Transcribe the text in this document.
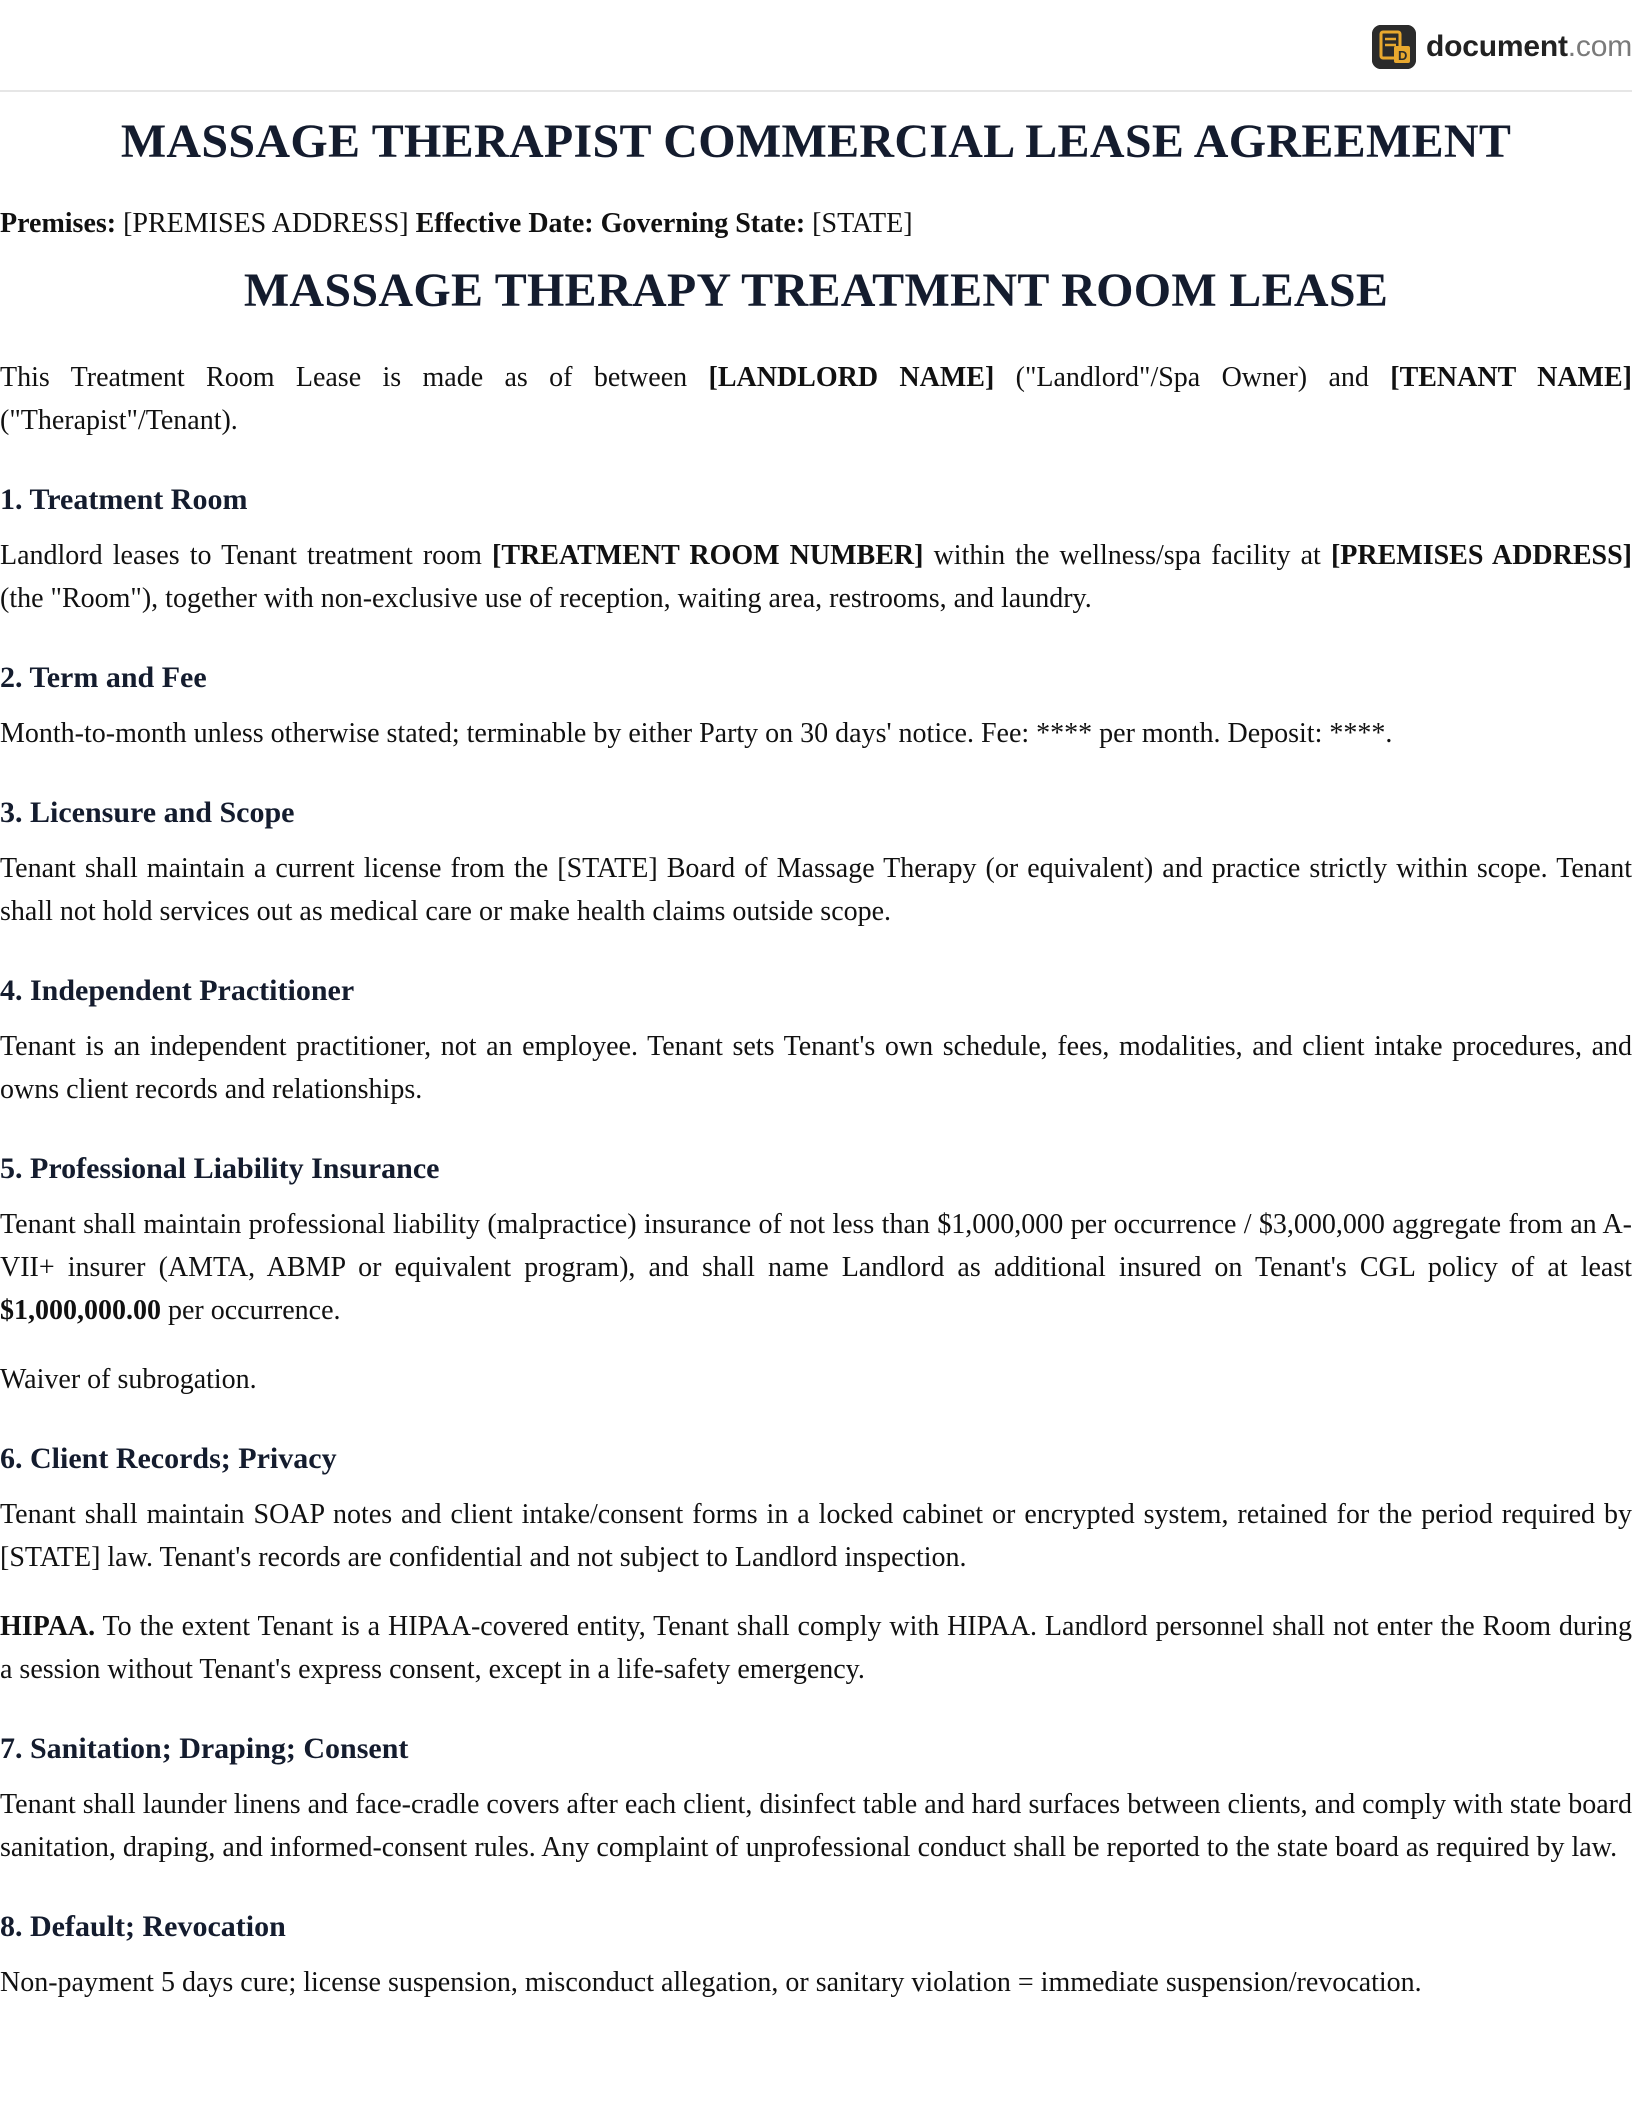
D document.com
MASSAGE THERAPIST COMMERCIAL LEASE AGREEMENT
Premises: [PREMISES ADDRESS] Effective Date: Governing State: [STATE]
MASSAGE THERAPY TREATMENT ROOM LEASE

This Treatment Room Lease is made as of between [LANDLORD NAME] ("Landlord"/Spa Owner) and [TENANT NAME] ("Therapist"/Tenant).

1. Treatment Room

Landlord leases to Tenant treatment room [TREATMENT ROOM NUMBER] within the wellness/spa facility at [PREMISES ADDRESS] (the "Room"), together with non-exclusive use of reception, waiting area, restrooms, and laundry.

2. Term and Fee

Month-to-month unless otherwise stated; terminable by either Party on 30 days' notice. Fee: **** per month. Deposit: ****.

3. Licensure and Scope

Tenant shall maintain a current license from the [STATE] Board of Massage Therapy (or equivalent) and practice strictly within scope. Tenant shall not hold services out as medical care or make health claims outside scope.

4. Independent Practitioner

Tenant is an independent practitioner, not an employee. Tenant sets Tenant's own schedule, fees, modalities, and client intake procedures, and owns client records and relationships.

5. Professional Liability Insurance

Tenant shall maintain professional liability (malpractice) insurance of not less than $1,000,000 per occurrence / $3,000,000 aggregate from an A-VII+ insurer (AMTA, ABMP or equivalent program), and shall name Landlord as additional insured on Tenant's CGL policy of at least $1,000,000.00 per occurrence.

Waiver of subrogation.

6. Client Records; Privacy

Tenant shall maintain SOAP notes and client intake/consent forms in a locked cabinet or encrypted system, retained for the period required by [STATE] law. Tenant's records are confidential and not subject to Landlord inspection.

HIPAA. To the extent Tenant is a HIPAA-covered entity, Tenant shall comply with HIPAA. Landlord personnel shall not enter the Room during a session without Tenant's express consent, except in a life-safety emergency.

7. Sanitation; Draping; Consent

Tenant shall launder linens and face-cradle covers after each client, disinfect table and hard surfaces between clients, and comply with state board sanitation, draping, and informed-consent rules. Any complaint of unprofessional conduct shall be reported to the state board as required by law.

8. Default; Revocation

Non-payment 5 days cure; license suspension, misconduct allegation, or sanitary violation = immediate suspension/revocation.
